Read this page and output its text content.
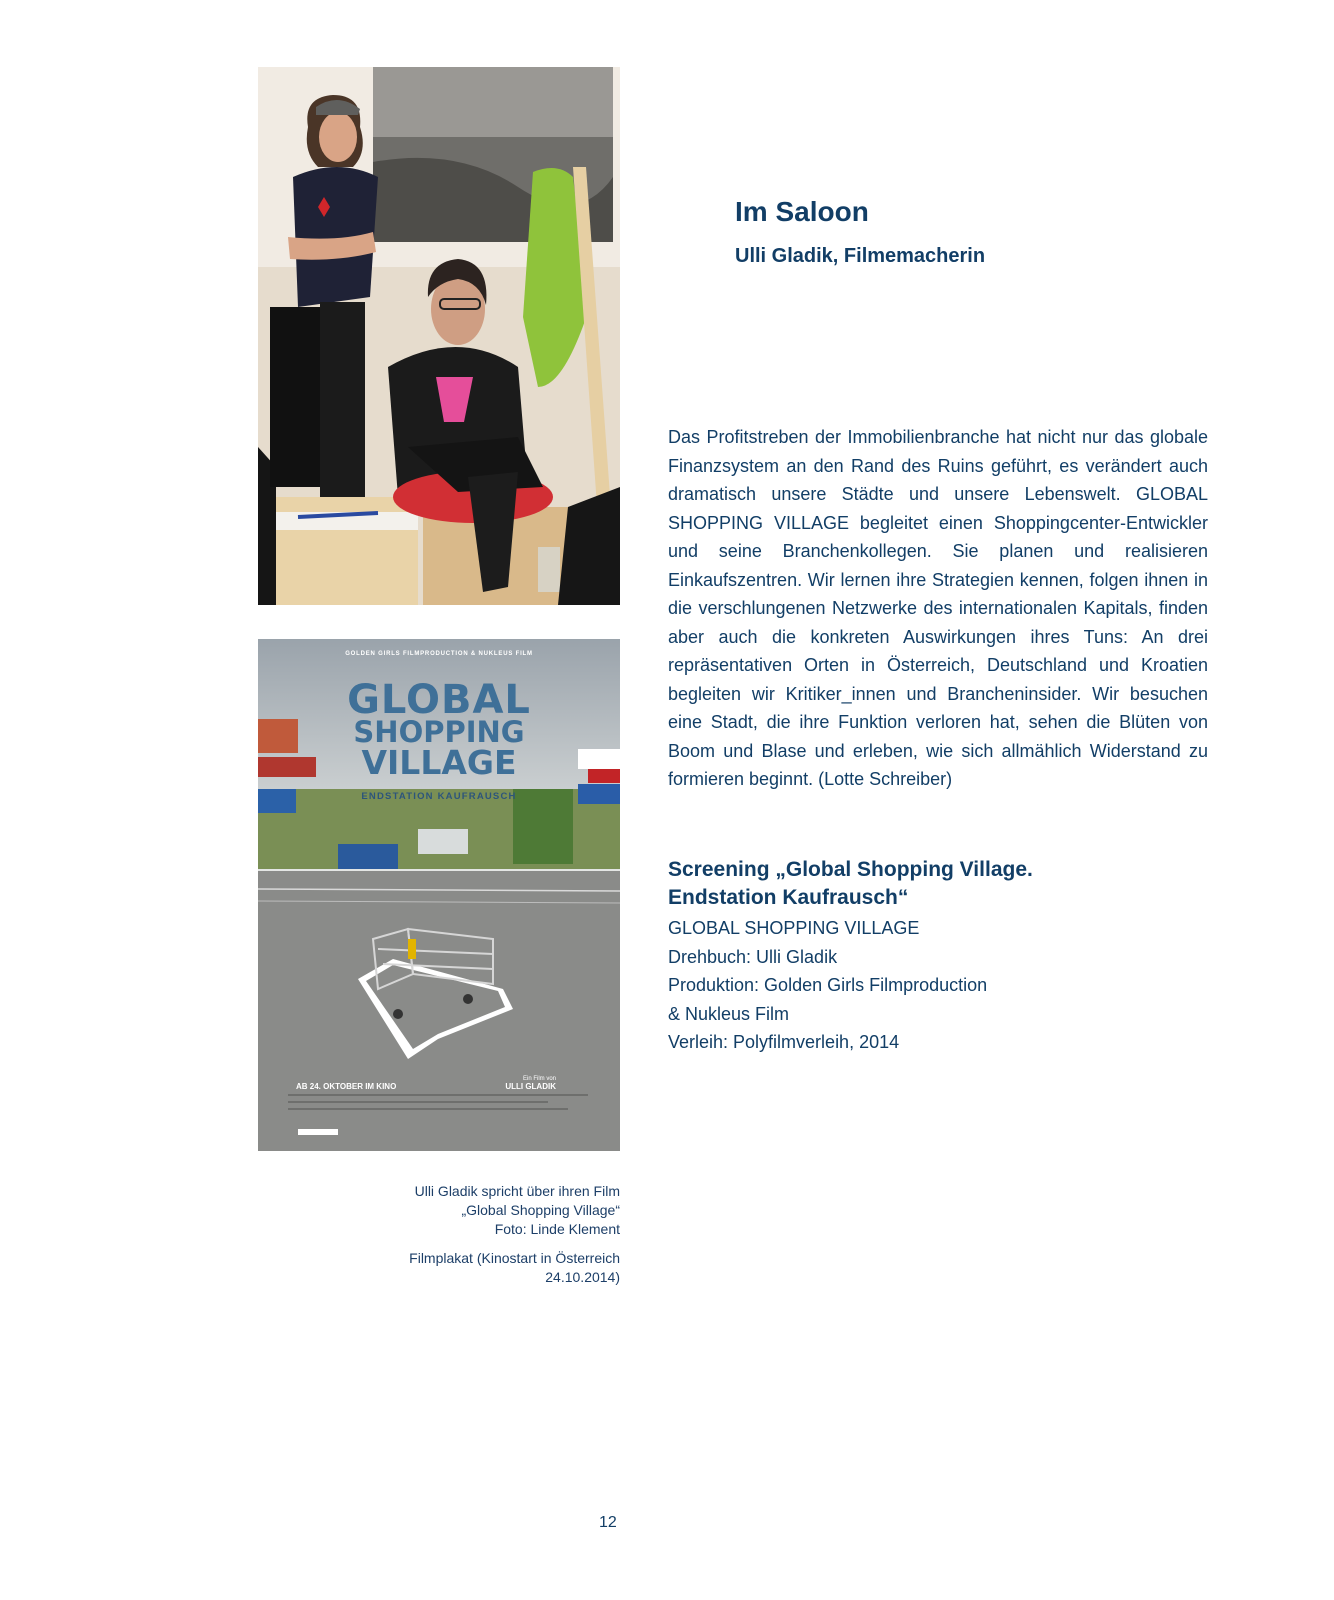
GOLDEN GIRLS FILMPRODUCTION & NUKLEUS FILM
GLOBAL
SHOPPING
VILLAGE
ENDSTATION KAUFRAUSCH
AB 24. OKTOBER IM KINO
Ein Film von
ULLI GLADIK
Ulli Gladik spricht über ihren Film
„Global Shopping Village“
Foto: Linde Klement
Filmplakat (Kinostart in Österreich
24.10.2014)
Im Saloon
Ulli Gladik, Filmemacherin

Das Profitstreben der Immobilienbranche hat nicht nur das globale Finanzsystem an den Rand des Ruins geführt, es verändert auch dramatisch unsere Städte und unsere Lebenswelt. GLOBAL SHOPPING VILLAGE begleitet einen Shoppingcenter-Entwickler und seine Branchenkollegen. Sie planen und realisieren Einkaufszentren. Wir lernen ihre Strategien kennen, folgen ihnen in die verschlungenen Netzwerke des internationalen Kapitals, finden aber auch die konkreten Auswirkungen ihres Tuns: An drei repräsentativen Orten in Österreich, Deutschland und Kroatien begleiten wir Kritiker_innen und Brancheninsider. Wir besuchen eine Stadt, die ihre Funktion verloren hat, sehen die Blüten von Boom und Blase und erleben, wie sich allmählich Widerstand zu formieren beginnt. (Lotte Schreiber)

Screening „Global Shopping Village.
Endstation Kaufrausch“
GLOBAL SHOPPING VILLAGE
Drehbuch: Ulli Gladik
Produktion: Golden Girls Filmproduction
& Nukleus Film
Verleih: Polyfilmverleih, 2014
12
